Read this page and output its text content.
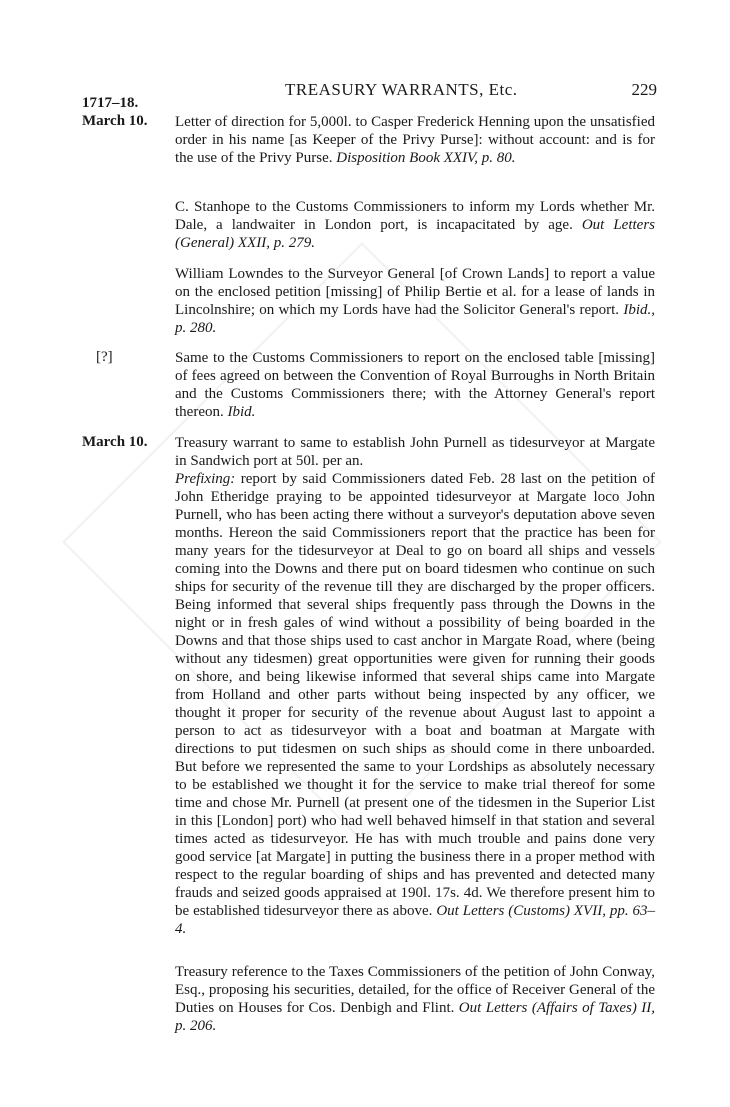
TREASURY WARRANTS, Etc.	229
1717–18.
March 10. Letter of direction for 5,000l. to Casper Frederick Henning upon the unsatisfied order in his name [as Keeper of the Privy Purse]: without account: and is for the use of the Privy Purse. Disposition Book XXIV, p. 80.

C. Stanhope to the Customs Commissioners to inform my Lords whether Mr. Dale, a landwaiter in London port, is incapacitated by age. Out Letters (General) XXII, p. 279.

William Lowndes to the Surveyor General [of Crown Lands] to report a value on the enclosed petition [missing] of Philip Bertie et al. for a lease of lands in Lincolnshire; on which my Lords have had the Solicitor General's report. Ibid., p. 280.

[?]	Same to the Customs Commissioners to report on the enclosed table [missing] of fees agreed on between the Convention of Royal Burroughs in North Britain and the Customs Commissioners there; with the Attorney General's report thereon. Ibid.

March 10. Treasury warrant to same to establish John Purnell as tidesurveyor at Margate in Sandwich port at 50l. per an.

Prefixing: report by said Commissioners dated Feb. 28 last on the petition of John Etheridge praying to be appointed tidesurveyor at Margate loco John Purnell, who has been acting there without a surveyor's deputation above seven months. Hereon the said Commissioners report that the practice has been for many years for the tidesurveyor at Deal to go on board all ships and vessels coming into the Downs and there put on board tidesmen who continue on such ships for security of the revenue till they are discharged by the proper officers. Being informed that several ships frequently pass through the Downs in the night or in fresh gales of wind without a possibility of being boarded in the Downs and that those ships used to cast anchor in Margate Road, where (being without any tidesmen) great opportunities were given for running their goods on shore, and being likewise informed that several ships came into Margate from Holland and other parts without being inspected by any officer, we thought it proper for security of the revenue about August last to appoint a person to act as tidesurveyor with a boat and boatman at Margate with directions to put tidesmen on such ships as should come in there unboarded. But before we represented the same to your Lordships as absolutely necessary to be established we thought it for the service to make trial thereof for some time and chose Mr. Purnell (at present one of the tidesmen in the Superior List in this [London] port) who had well behaved himself in that station and several times acted as tidesurveyor. He has with much trouble and pains done very good service [at Margate] in putting the business there in a proper method with respect to the regular boarding of ships and has prevented and detected many frauds and seized goods appraised at 190l. 17s. 4d. We therefore present him to be established tidesurveyor there as above. Out Letters (Customs) XVII, pp. 63–4.

Treasury reference to the Taxes Commissioners of the petition of John Conway, Esq., proposing his securities, detailed, for the office of Receiver General of the Duties on Houses for Cos. Denbigh and Flint. Out Letters (Affairs of Taxes) II, p. 206.
